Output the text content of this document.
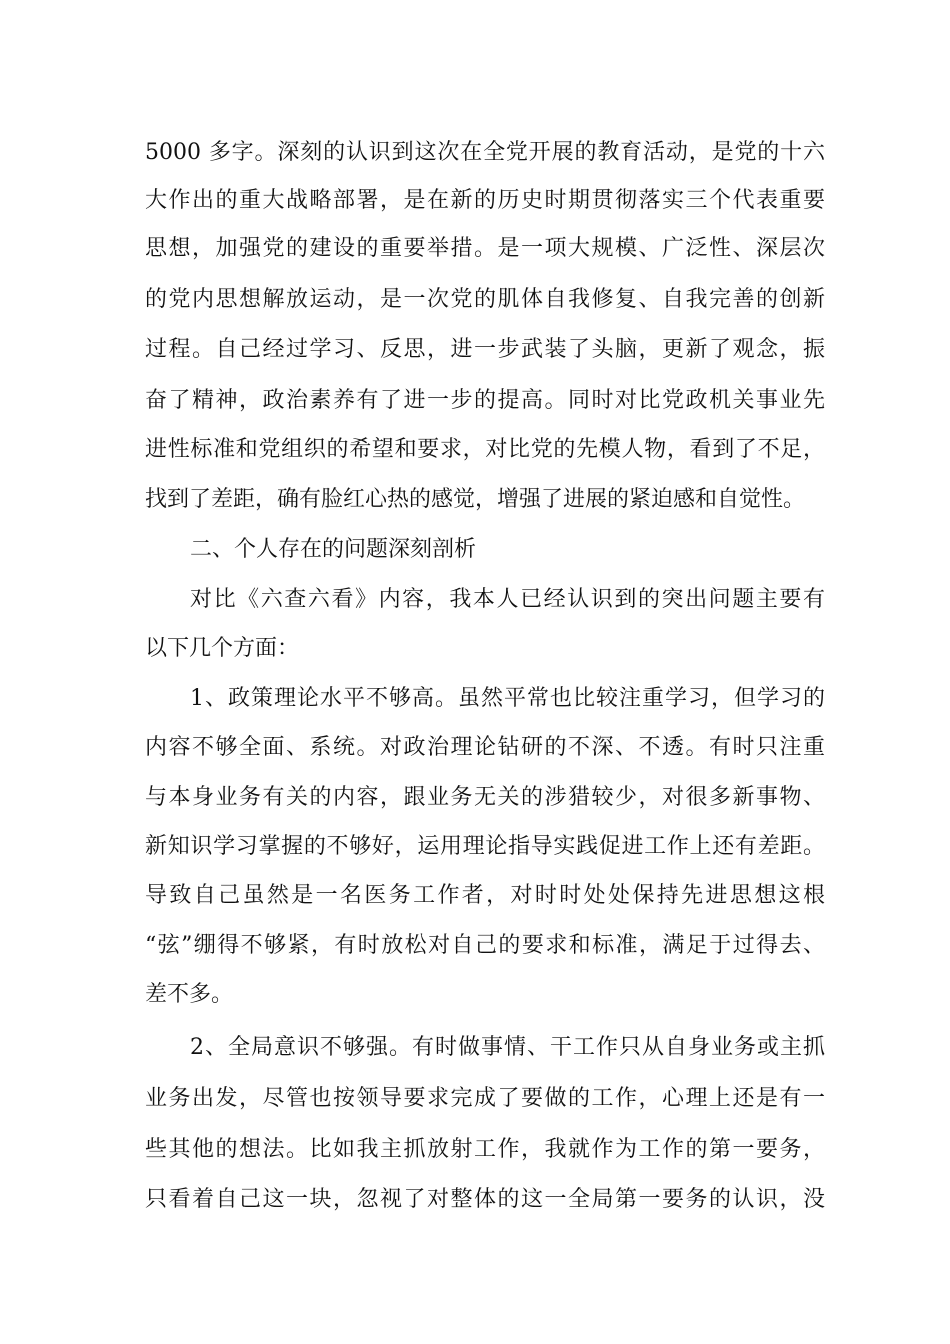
5000 多字。深刻的认识到这次在全党开展的教育活动，是党的十六
大作出的重大战略部署，是在新的历史时期贯彻落实三个代表重要
思想，加强党的建设的重要举措。是一项大规模、广泛性、深层次
的党内思想解放运动，是一次党的肌体自我修复、自我完善的创新
过程。自己经过学习、反思，进一步武装了头脑，更新了观念，振
奋了精神，政治素养有了进一步的提高。同时对比党政机关事业先
进性标准和党组织的希望和要求，对比党的先模人物，看到了不足，
找到了差距，确有脸红心热的感觉，增强了进展的紧迫感和自觉性。
二、个人存在的问题深刻剖析
对比《六查六看》内容，我本人已经认识到的突出问题主要有
以下几个方面：
1、政策理论水平不够高。虽然平常也比较注重学习，但学习的
内容不够全面、系统。对政治理论钻研的不深、不透。有时只注重
与本身业务有关的内容，跟业务无关的涉猎较少，对很多新事物、
新知识学习掌握的不够好，运用理论指导实践促进工作上还有差距。
导致自己虽然是一名医务工作者，对时时处处保持先进思想这根
“弦”绷得不够紧，有时放松对自己的要求和标准，满足于过得去、
差不多。
2、全局意识不够强。有时做事情、干工作只从自身业务或主抓
业务出发，尽管也按领导要求完成了要做的工作，心理上还是有一
些其他的想法。比如我主抓放射工作，我就作为工作的第一要务，
只看着自己这一块，忽视了对整体的这一全局第一要务的认识，没
